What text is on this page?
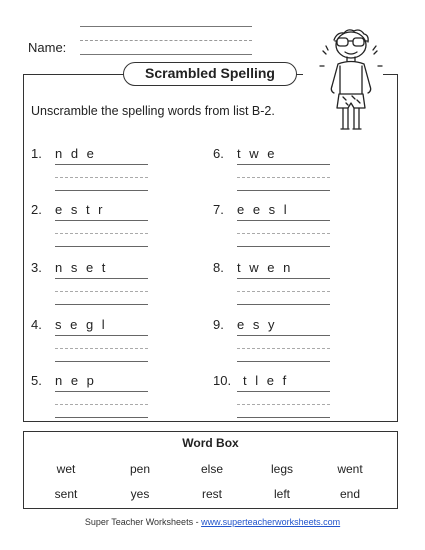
Name:
Scrambled Spelling
Unscramble the spelling words from list B-2.
1. n d e
2. e s t r
3. n s e t
4. s e g l
5. n e p
6. t w e
7. e e s l
8. t w e n
9. e s y
10. t l e f
Word Box
wet	pen	else	legs	went
sent	yes	rest	left	end
Super Teacher Worksheets - www.superteacherworksheets.com
